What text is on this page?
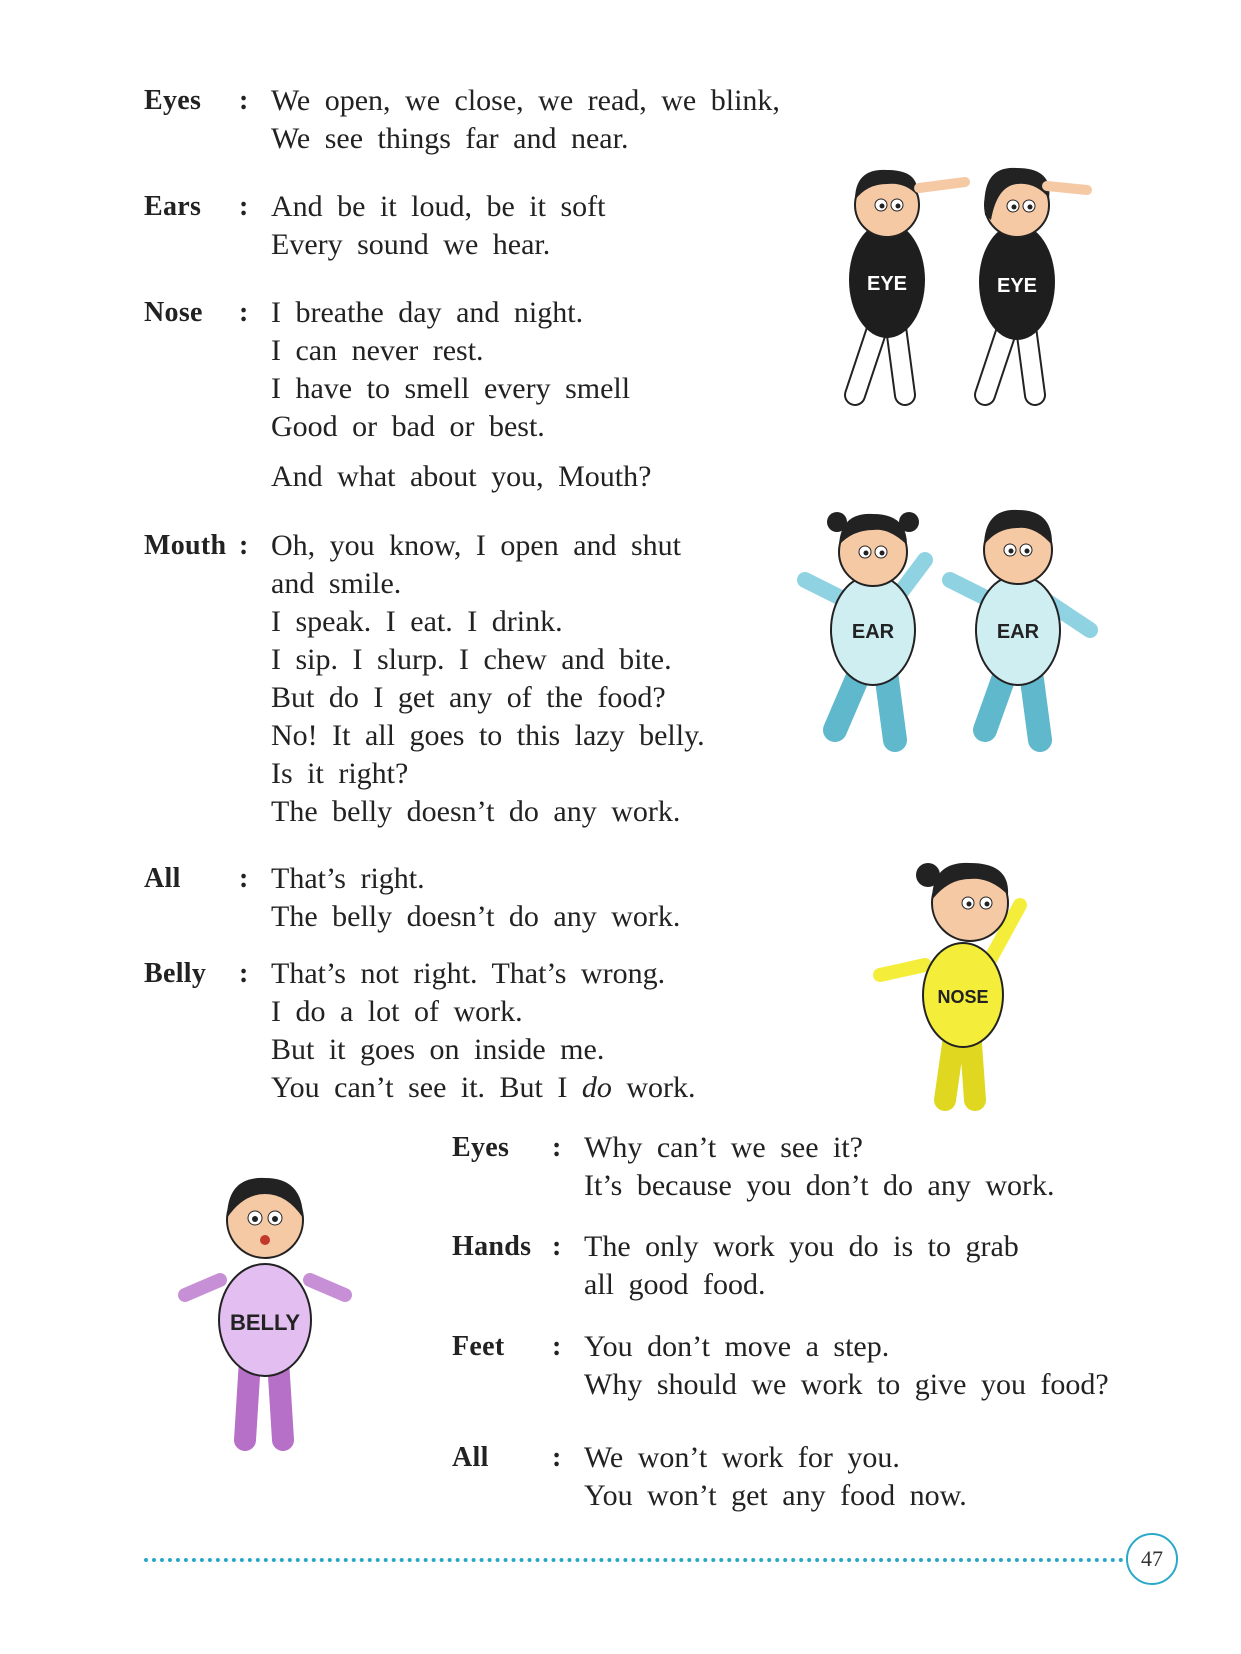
Eyes	: We open, we close, we read, we blink,
We see things far and near.
Ears	: And be it loud, be it soft
Every sound we hear.
Nose	: I breathe day and night.
I can never rest.
I have to smell every smell
Good or bad or best.
And what about you, Mouth?
Mouth : Oh, you know, I open and shut
and smile.
I speak. I eat. I drink.
I sip. I slurp. I chew and bite.
But do I get any of the food?
No! It all goes to this lazy belly.
Is it right?
The belly doesn’t do any work.
All	: That’s right.
The belly doesn’t do any work.
Belly	: That’s not right. That’s wrong.
I do a lot of work.
But it goes on inside me.
You can’t see it. But I do work.
Eyes	: Why can’t we see it?
It’s because you don’t do any work.
Hands : The only work you do is to grab
all good food.
Feet	: You don’t move a step.
Why should we work to give you food?
All	: We won’t work for you.
You won’t get any food now.
EYE	EYE
EAR	EAR
NOSE
BELLY
47
